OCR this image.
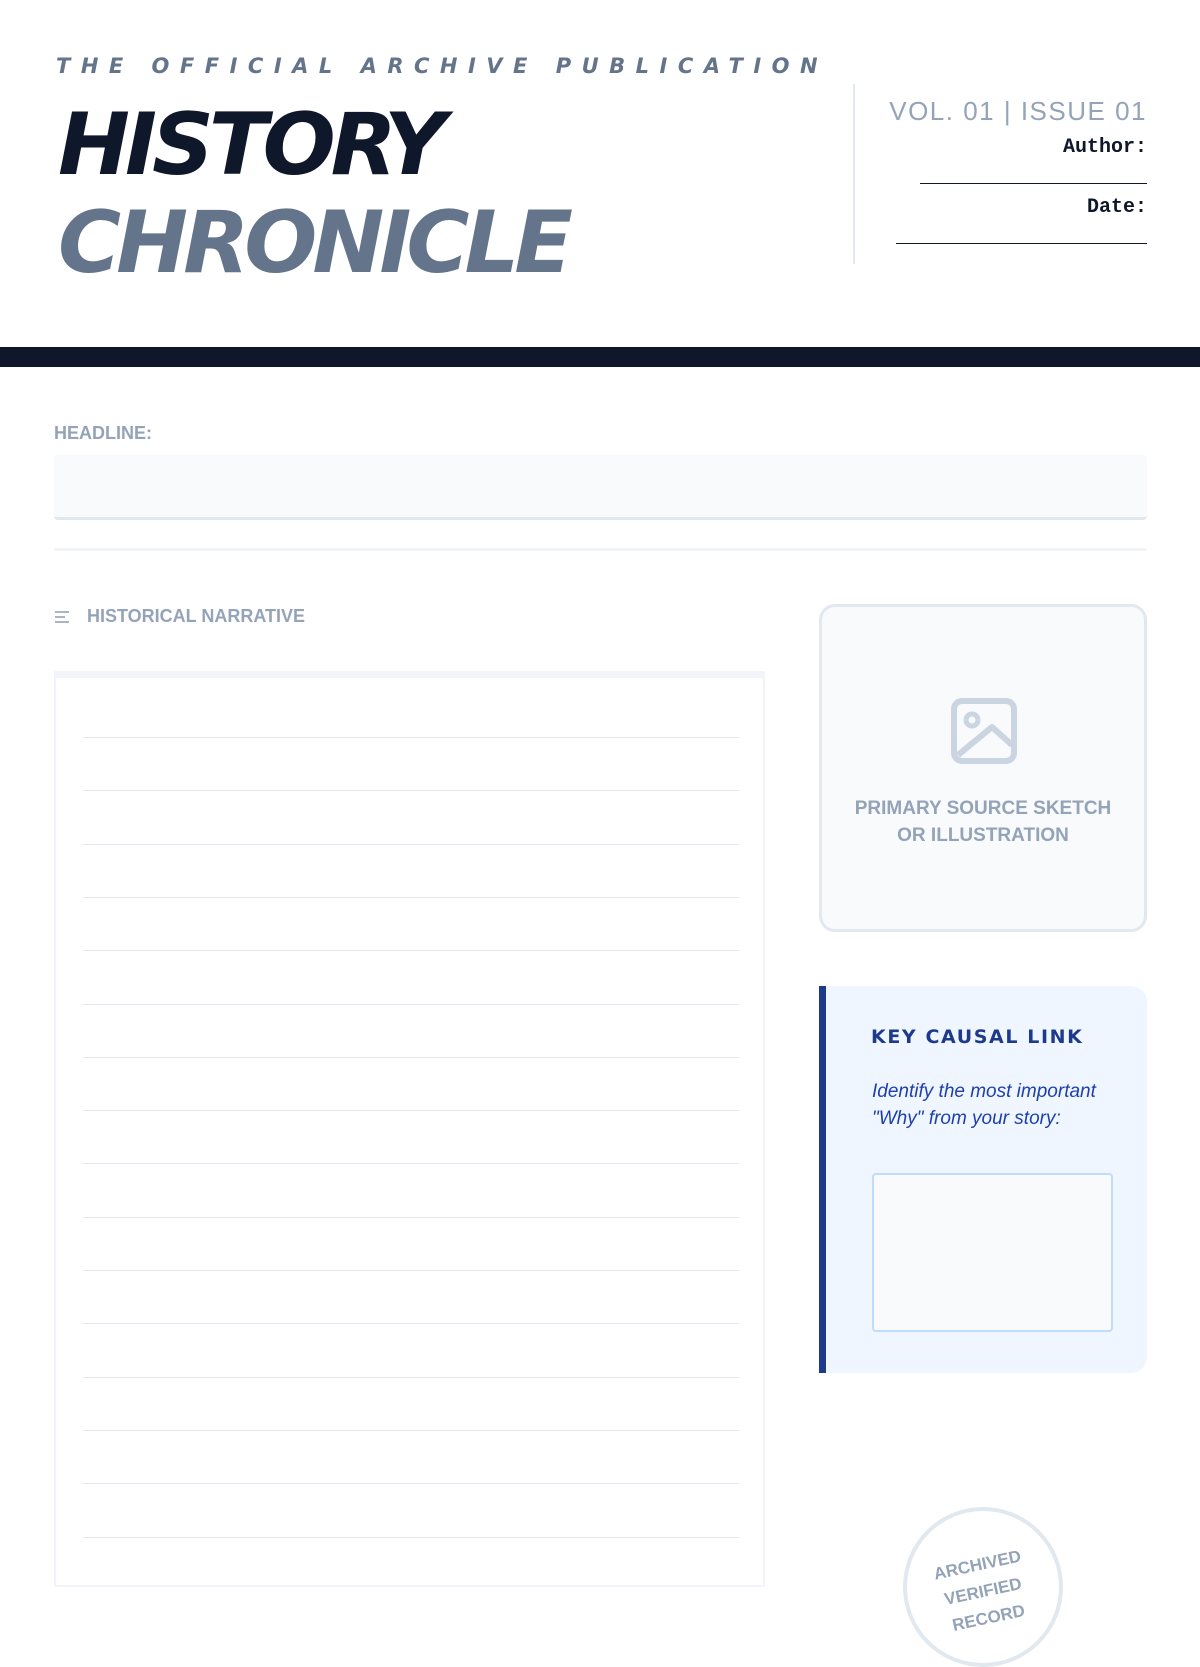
THE OFFICIAL ARCHIVE PUBLICATION
HISTORY
CHRONICLE
VOL. 01 | ISSUE 01
Author:
Date:
HEADLINE:
HISTORICAL NARRATIVE
PRIMARY SOURCE SKETCH
OR ILLUSTRATION
KEY CAUSAL LINK
Identify the most important "Why" from your story:
ARCHIVED
VERIFIED
RECORD
